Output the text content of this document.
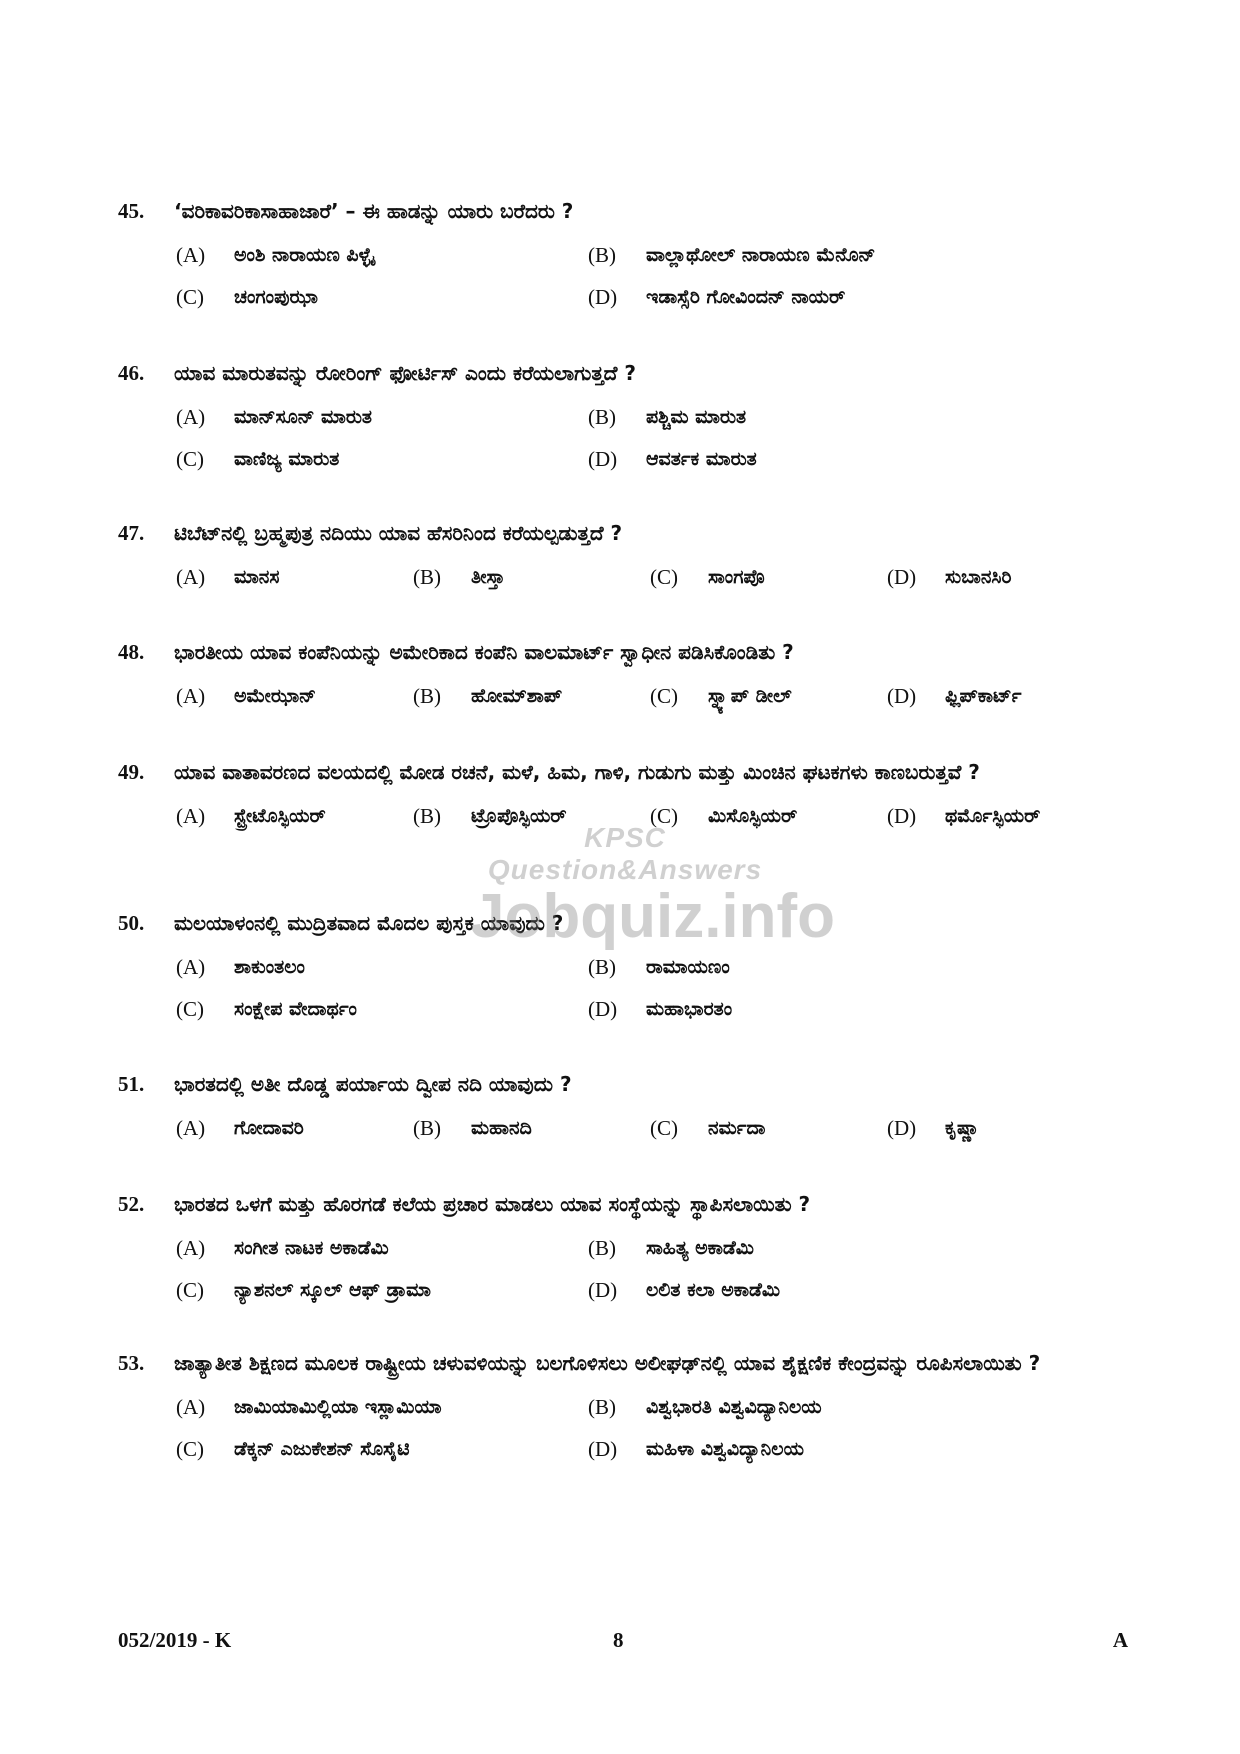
45.	‘ವರಿಕಾವರಿಕಾಸಾಹಾಜಾರೆ’ – ಈ ಹಾಡನ್ನು ಯಾರು ಬರೆದರು ?
(A)	ಅಂಶಿ ನಾರಾಯಣ ಪಿಳ್ಳೈ	(B)	ವಾಲ್ಲಾಥೋಲ್ ನಾರಾಯಣ ಮೆನೊನ್
(C)	ಚಂಗಂಪುಝಾ	(D)	ಇಡಾಸ್ಸೆರಿ ಗೋವಿಂದನ್ ನಾಯರ್
46.	ಯಾವ ಮಾರುತವನ್ನು ರೋರಿಂಗ್ ಫೋರ್ಟಿಸ್ ಎಂದು ಕರೆಯಲಾಗುತ್ತದೆ ?
(A)	ಮಾನ್‌ಸೂನ್ ಮಾರುತ	(B)	ಪಶ್ಚಿಮ ಮಾರುತ
(C)	ವಾಣಿಜ್ಯ ಮಾರುತ	(D)	ಆವರ್ತಕ ಮಾರುತ
47.	ಟಿಬೆಟ್‌ನಲ್ಲಿ ಬ್ರಹ್ಮಪುತ್ರ ನದಿಯು ಯಾವ ಹೆಸರಿನಿಂದ ಕರೆಯಲ್ಪಡುತ್ತದೆ ?
(A)	ಮಾನಸ	(B)	ತೀಸ್ತಾ	(C)	ಸಾಂಗಪೊ	(D)	ಸುಬಾನಸಿರಿ
48.	ಭಾರತೀಯ ಯಾವ ಕಂಪೆನಿಯನ್ನು ಅಮೇರಿಕಾದ ಕಂಪೆನಿ ವಾಲಮಾರ್ಟ್ ಸ್ವಾಧೀನ ಪಡಿಸಿಕೊಂಡಿತು ?
(A)	ಅಮೇಝಾನ್	(B)	ಹೋಮ್‌ಶಾಪ್	(C)	ಸ್ನ್ಯಾಪ್ ಡೀಲ್	(D)	ಫ್ಲಿಪ್‌ಕಾರ್ಟ್
49.	ಯಾವ ವಾತಾವರಣದ ವಲಯದಲ್ಲಿ ಮೋಡ ರಚನೆ, ಮಳೆ, ಹಿಮ, ಗಾಳಿ, ಗುಡುಗು ಮತ್ತು ಮಿಂಚಿನ ಘಟಕಗಳು ಕಾಣಬರುತ್ತವೆ ?
(A)	ಸ್ಟ್ರೇಟೊಸ್ಫಿಯರ್	(B)	ಟ್ರೊಪೊಸ್ಫಿಯರ್	(C)	ಮಿಸೊಸ್ಫಿಯರ್	(D)	ಥರ್ಮೊಸ್ಫಿಯರ್
50.	ಮಲಯಾಳಂನಲ್ಲಿ ಮುದ್ರಿತವಾದ ಮೊದಲ ಪುಸ್ತಕ ಯಾವುದು ?
(A)	ಶಾಕುಂತಲಂ	(B)	ರಾಮಾಯಣಂ
(C)	ಸಂಕ್ಷೇಪ ವೇದಾರ್ಥಂ	(D)	ಮಹಾಭಾರತಂ
51.	ಭಾರತದಲ್ಲಿ ಅತೀ ದೊಡ್ಡ ಪರ್ಯಾಯ ದ್ವೀಪ ನದಿ ಯಾವುದು ?
(A)	ಗೋದಾವರಿ	(B)	ಮಹಾನದಿ	(C)	ನರ್ಮದಾ	(D)	ಕೃಷ್ಣಾ
52.	ಭಾರತದ ಒಳಗೆ ಮತ್ತು ಹೊರಗಡೆ ಕಲೆಯ ಪ್ರಚಾರ ಮಾಡಲು ಯಾವ ಸಂಸ್ಥೆಯನ್ನು ಸ್ಥಾಪಿಸಲಾಯಿತು ?
(A)	ಸಂಗೀತ ನಾಟಕ ಅಕಾಡೆಮಿ	(B)	ಸಾಹಿತ್ಯ ಅಕಾಡೆಮಿ
(C)	ನ್ಯಾಶನಲ್ ಸ್ಕೂಲ್ ಆಫ್ ಡ್ರಾಮಾ	(D)	ಲಲಿತ ಕಲಾ ಅಕಾಡೆಮಿ
53.	ಜಾತ್ಯಾತೀತ ಶಿಕ್ಷಣದ ಮೂಲಕ ರಾಷ್ಟ್ರೀಯ ಚಳುವಳಿಯನ್ನು ಬಲಗೊಳಿಸಲು ಅಲೀಘಢ್‌ನಲ್ಲಿ ಯಾವ ಶೈಕ್ಷಣಿಕ ಕೇಂದ್ರವನ್ನು ರೂಪಿಸಲಾಯಿತು ?
(A)	ಜಾಮಿಯಾಮಿಲ್ಲಿಯಾ ಇಸ್ಲಾಮಿಯಾ	(B)	ವಿಶ್ವಭಾರತಿ ವಿಶ್ವವಿದ್ಯಾನಿಲಯ
(C)	ಡೆಕ್ಕನ್ ಎಜುಕೇಶನ್ ಸೊಸೈಟಿ	(D)	ಮಹಿಳಾ ವಿಶ್ವವಿದ್ಯಾನಿಲಯ
KPSC Question&Answers
Jobquiz.info
052/2019 - K	8	A
